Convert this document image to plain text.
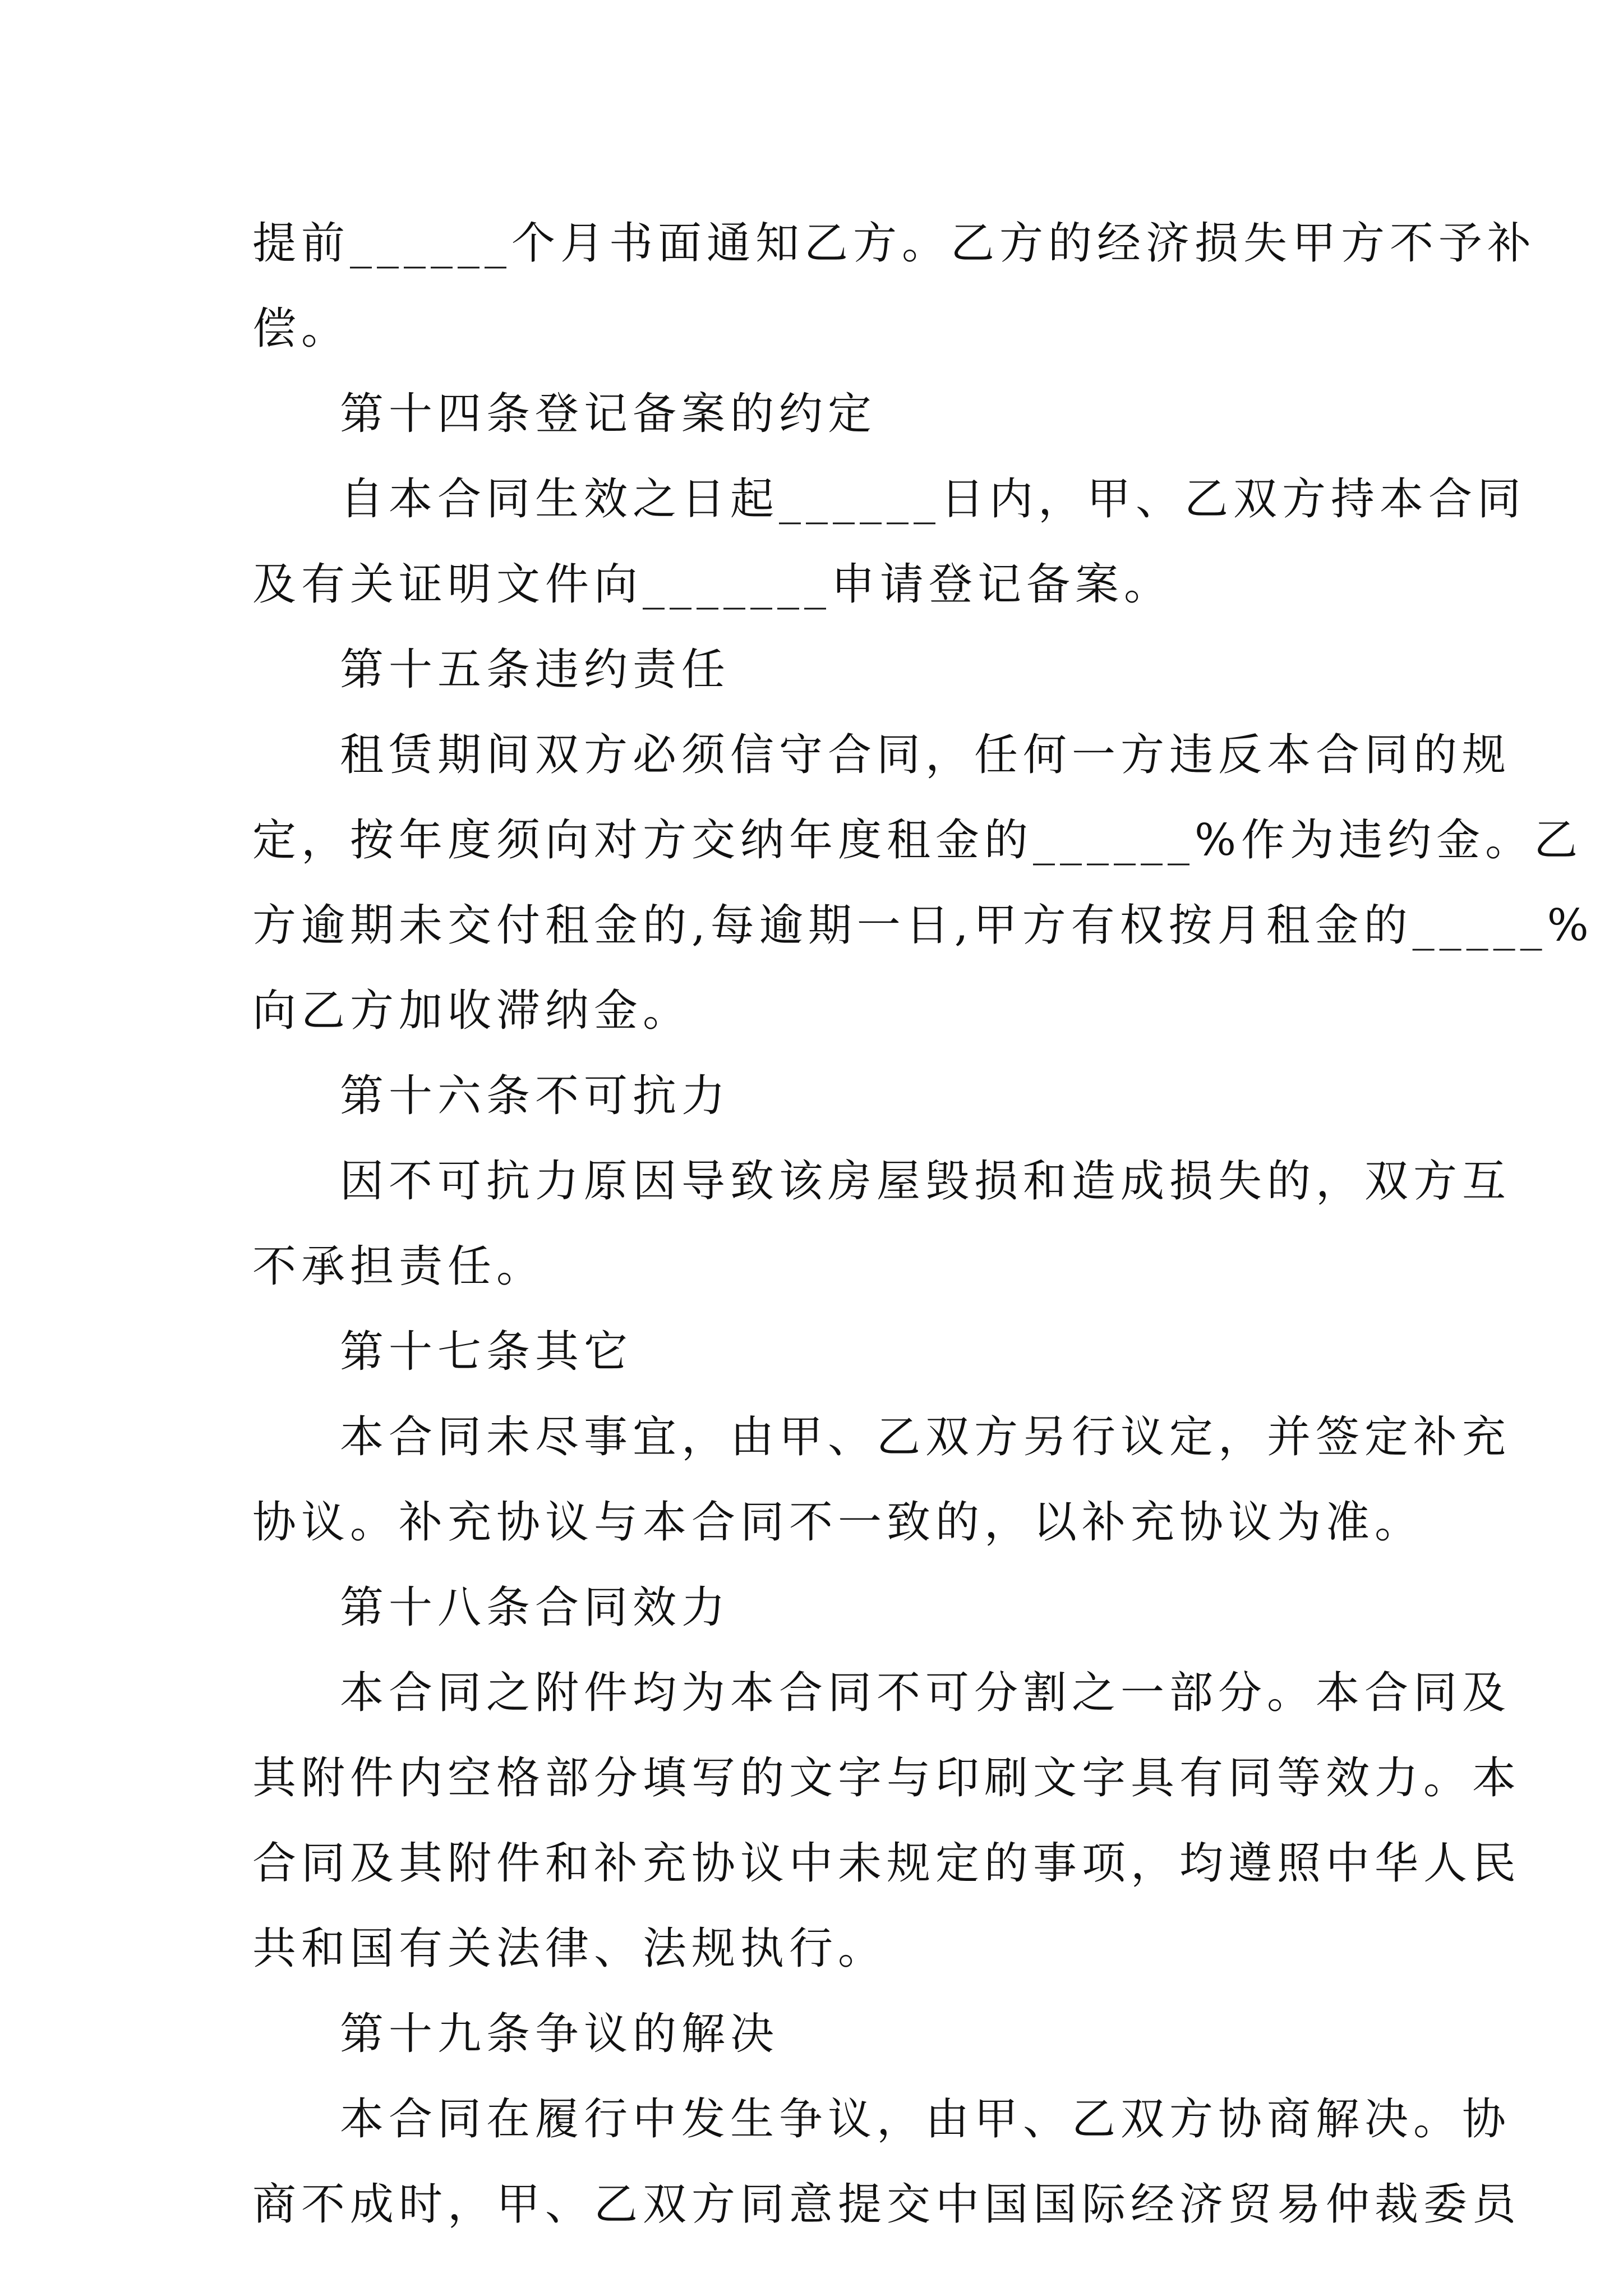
提前______个月书面通知乙方。乙方的经济损失甲方不予补
偿。
第十四条登记备案的约定
自本合同生效之日起______日内，甲、乙双方持本合同
及有关证明文件向_______申请登记备案。
第十五条违约责任
租赁期间双方必须信守合同，任何一方违反本合同的规
定，按年度须向对方交纳年度租金的______%作为违约金。乙
方逾期未交付租金的,每逾期一日,甲方有权按月租金的_____%
向乙方加收滞纳金。
第十六条不可抗力
因不可抗力原因导致该房屋毁损和造成损失的，双方互
不承担责任。
第十七条其它
本合同未尽事宜，由甲、乙双方另行议定，并签定补充
协议。补充协议与本合同不一致的，以补充协议为准。
第十八条合同效力
本合同之附件均为本合同不可分割之一部分。本合同及
其附件内空格部分填写的文字与印刷文字具有同等效力。本
合同及其附件和补充协议中未规定的事项，均遵照中华人民
共和国有关法律、法规执行。
第十九条争议的解决
本合同在履行中发生争议，由甲、乙双方协商解决。协
商不成时，甲、乙双方同意提交中国国际经济贸易仲裁委员
